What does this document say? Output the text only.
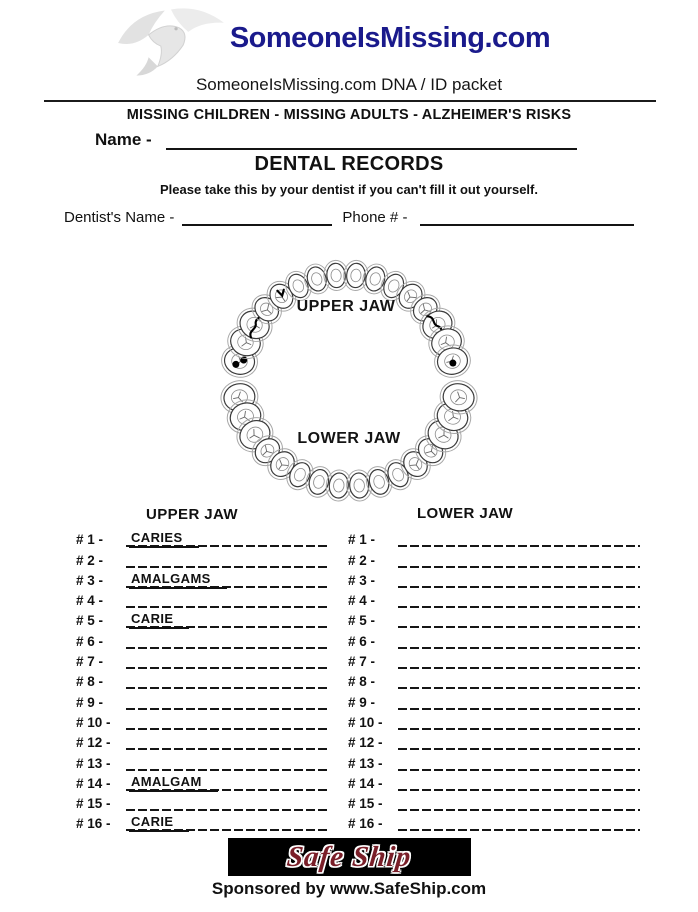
SomeoneIsMissing.com
SomeoneIsMissing.com DNA / ID packet
MISSING CHILDREN - MISSING ADULTS - ALZHEIMER'S RISKS
Name -
DENTAL RECORDS
Please take this by your dentist if you can't fill it out yourself.
Dentist's Name -	Phone # -
UPPER JAW
LOWER JAW
UPPER JAW	LOWER JAW
# 1 -	CARIES
# 2 -
# 3 -	AMALGAMS
# 4 -
# 5 -	CARIE
# 6 -
# 7 -
# 8 -
# 9 -
# 10 -
# 12 -
# 13 -
# 14 -	AMALGAM
# 15 -
# 16 -	CARIE
# 1 -
# 2 -
# 3 -
# 4 -
# 5 -
# 6 -
# 7 -
# 8 -
# 9 -
# 10 -
# 12 -
# 13 -
# 14 -
# 15 -
# 16 -
Safe Ship
Sponsored by www.SafeShip.com
